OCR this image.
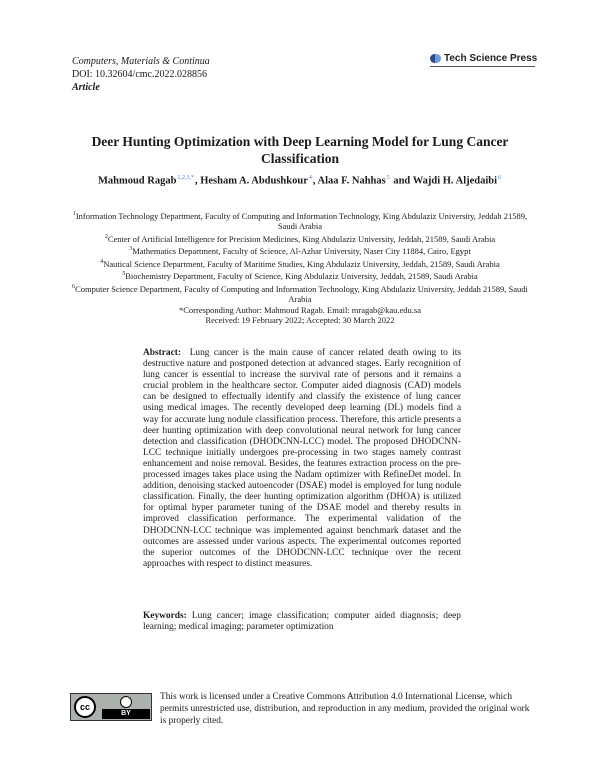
Computers, Materials & Continua
DOI: 10.32604/cmc.2022.028856
Article
Tech Science Press
Deer Hunting Optimization with Deep Learning Model for Lung Cancer Classification
Mahmoud Ragab$^{1,2,3,*}$, Hesham A. Abdushkour$^4$, Alaa F. Nahhas$^5$ and Wajdi H. Aljedaibi$^6$

$^1$Information Technology Department, Faculty of Computing and Information Technology, King Abdulaziz University, Jeddah 21589, Saudi Arabia

$^2$Center of Artificial Intelligence for Precision Medicines, King Abdulaziz University, Jeddah, 21589, Saudi Arabia

$^3$Mathematics Department, Faculty of Science, Al-Azhar University, Naser City 11884, Cairo, Egypt

$^4$Nautical Science Department, Faculty of Maritime Studies, King Abdulaziz University, Jeddah, 21589, Saudi Arabia

$^5$Biochemistry Department, Faculty of Science, King Abdulaziz University, Jeddah, 21589, Saudi Arabia

$^6$Computer Science Department, Faculty of Computing and Information Technology, King Abdulaziz University, Jeddah 21589, Saudi Arabia

*Corresponding Author: Mahmoud Ragab. Email: mragab@kau.edu.sa

Received: 19 February 2022; Accepted: 30 March 2022

Abstract: Lung cancer is the main cause of cancer related death owing to its destructive nature and postponed detection at advanced stages. Early recognition of lung cancer is essential to increase the survival rate of persons and it remains a crucial problem in the healthcare sector. Computer aided diagnosis (CAD) models can be designed to effectually identify and classify the existence of lung cancer using medical images. The recently developed deep learning (DL) models find a way for accurate lung nodule classification process. Therefore, this article presents a deer hunting optimization with deep convolutional neural network for lung cancer detection and classification (DHODCNN-LCC) model. The proposed DHODCNN-LCC technique initially undergoes pre-processing in two stages namely contrast enhancement and noise removal. Besides, the features extraction process on the pre-processed images takes place using the Nadam optimizer with RefineDet model. In addition, denoising stacked autoencoder (DSAE) model is employed for lung nodule classification. Finally, the deer hunting optimization algorithm (DHOA) is utilized for optimal hyper parameter tuning of the DSAE model and thereby results in improved classification performance. The experimental validation of the DHODCNN-LCC technique was implemented against benchmark dataset and the outcomes are assessed under various aspects. The experimental outcomes reported the superior outcomes of the DHODCNN-LCC technique over the recent approaches with respect to distinct measures.

Keywords: Lung cancer; image classification; computer aided diagnosis; deep learning; medical imaging; parameter optimization

cc
BY

This work is licensed under a Creative Commons Attribution 4.0 International License, which permits unrestricted use, distribution, and reproduction in any medium, provided the original work is properly cited.
